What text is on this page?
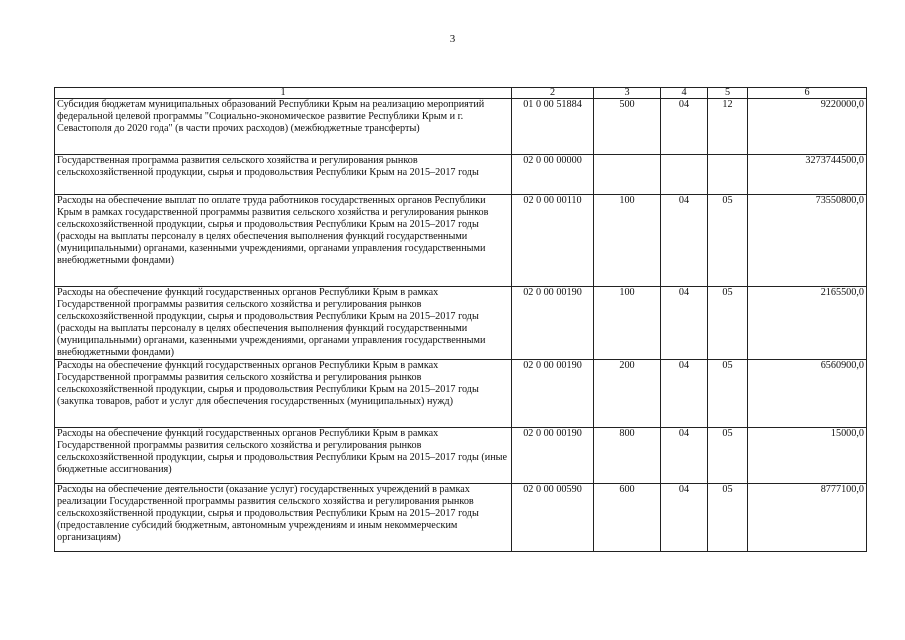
3
1	2	3	4	5	6
Субсидия бюджетам муниципальных образований Республики Крым на реализацию мероприятий федеральной целевой программы "Социально-экономическое развитие Республики Крым и г. Севастополя до 2020 года" (в части прочих расходов) (межбюджетные трансферты)	01 0 00 51884	500	04	12	9220000,0
Государственная программа развития сельского хозяйства и регулирования рынков сельскохозяйственной продукции, сырья и продовольствия Республики Крым на 2015–2017 годы	02 0 00 00000				3273744500,0
Расходы на обеспечение выплат по оплате труда работников государственных органов Республики Крым в рамках государственной программы развития сельского хозяйства и регулирования рынков сельскохозяйственной продукции, сырья и продовольствия Республики Крым на 2015–2017 годы (расходы на выплаты персоналу в целях обеспечения выполнения функций государственными (муниципальными) органами, казенными учреждениями, органами управления государственными внебюджетными фондами)	02 0 00 00110	100	04	05	73550800,0
Расходы на обеспечение функций государственных органов Республики Крым в рамках Государственной программы развития сельского хозяйства и регулирования рынков сельскохозяйственной продукции, сырья и продовольствия Республики Крым на 2015–2017 годы (расходы на выплаты персоналу в целях обеспечения выполнения функций государственными (муниципальными) органами, казенными учреждениями, органами управления государственными внебюджетными фондами)	02 0 00 00190	100	04	05	2165500,0
Расходы на обеспечение функций государственных органов Республики Крым в рамках Государственной программы развития сельского хозяйства и регулирования рынков сельскохозяйственной продукции, сырья и продовольствия Республики Крым на 2015–2017 годы (закупка товаров, работ и услуг для обеспечения государственных (муниципальных) нужд)	02 0 00 00190	200	04	05	6560900,0
Расходы на обеспечение функций государственных органов Республики Крым в рамках Государственной программы развития сельского хозяйства и регулирования рынков сельскохозяйственной продукции, сырья и продовольствия Республики Крым на 2015–2017 годы (иные бюджетные ассигнования)	02 0 00 00190	800	04	05	15000,0
Расходы на обеспечение деятельности (оказание услуг) государственных учреждений в рамках реализации Государственной программы развития сельского хозяйства и регулирования рынков сельскохозяйственной продукции, сырья и продовольствия Республики Крым на 2015–2017 годы (предоставление субсидий бюджетным, автономным учреждениям и иным некоммерческим организациям)	02 0 00 00590	600	04	05	8777100,0
